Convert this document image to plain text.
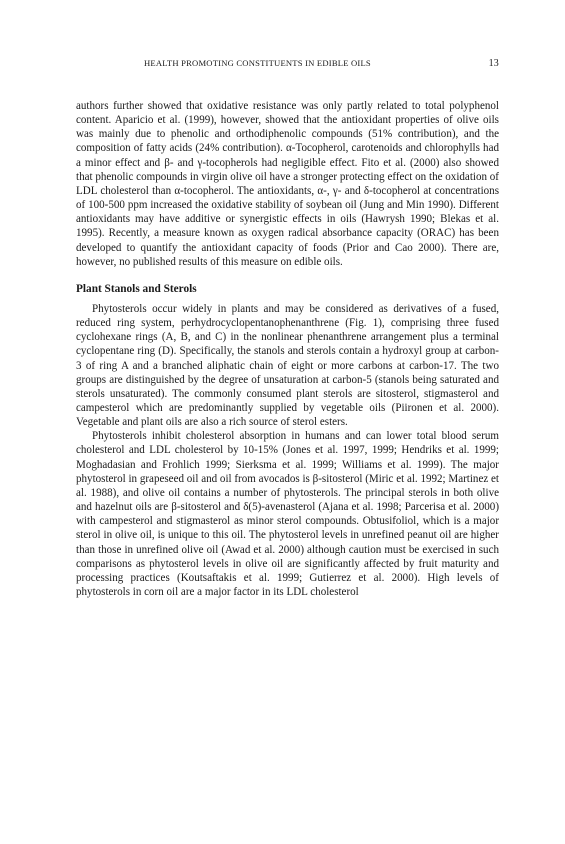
HEALTH PROMOTING CONSTITUENTS IN EDIBLE OILS	13

authors further showed that oxidative resistance was only partly related to total polyphenol content. Aparicio et al. (1999), however, showed that the antioxidant properties of olive oils was mainly due to phenolic and orthodiphenolic compounds (51% contribution), and the composition of fatty acids (24% contribution). α-Tocopherol, carotenoids and chlorophylls had a minor effect and β- and γ-tocopherols had negligible effect. Fito et al. (2000) also showed that phenolic compounds in virgin olive oil have a stronger protecting effect on the oxidation of LDL cholesterol than α-tocopherol. The antioxidants, α-, γ- and δ-tocopherol at concentrations of 100-500 ppm increased the oxidative stability of soybean oil (Jung and Min 1990). Different antioxidants may have additive or synergistic effects in oils (Hawrysh 1990; Blekas et al. 1995). Recently, a measure known as oxygen radical absorbance capacity (ORAC) has been developed to quantify the antioxidant capacity of foods (Prior and Cao 2000). There are, however, no published results of this measure on edible oils.

Plant Stanols and Sterols

Phytosterols occur widely in plants and may be considered as derivatives of a fused, reduced ring system, perhydrocyclopentanophenanthrene (Fig. 1), comprising three fused cyclohexane rings (A, B, and C) in the nonlinear phenanthrene arrangement plus a terminal cyclopentane ring (D). Specifically, the stanols and sterols contain a hydroxyl group at carbon-3 of ring A and a branched aliphatic chain of eight or more carbons at carbon-17. The two groups are distinguished by the degree of unsaturation at carbon-5 (stanols being saturated and sterols unsaturated). The commonly consumed plant sterols are sitosterol, stigmasterol and campesterol which are predominantly supplied by vegetable oils (Piironen et al. 2000). Vegetable and plant oils are also a rich source of sterol esters.

Phytosterols inhibit cholesterol absorption in humans and can lower total blood serum cholesterol and LDL cholesterol by 10-15% (Jones et al. 1997, 1999; Hendriks et al. 1999; Moghadasian and Frohlich 1999; Sierksma et al. 1999; Williams et al. 1999). The major phytosterol in grapeseed oil and oil from avocados is β-sitosterol (Miric et al. 1992; Martinez et al. 1988), and olive oil contains a number of phytosterols. The principal sterols in both olive and hazelnut oils are β-sitosterol and δ(5)-avenasterol (Ajana et al. 1998; Parcerisa et al. 2000) with campesterol and stigmasterol as minor sterol compounds. Obtusifoliol, which is a major sterol in olive oil, is unique to this oil. The phytosterol levels in unrefined peanut oil are higher than those in unrefined olive oil (Awad et al. 2000) although caution must be exercised in such comparisons as phytosterol levels in olive oil are significantly affected by fruit maturity and processing practices (Koutsaftakis et al. 1999; Gutierrez et al. 2000). High levels of phytosterols in corn oil are a major factor in its LDL cholesterol
